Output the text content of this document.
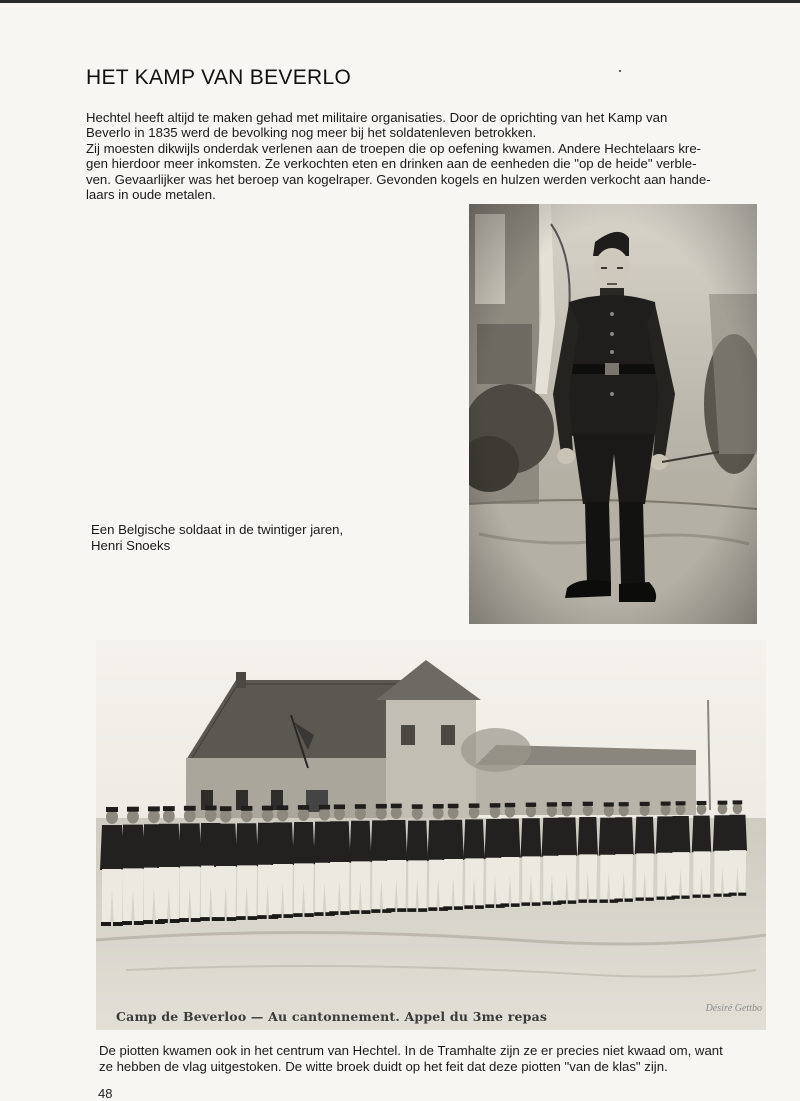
HET KAMP VAN BEVERLO

Hechtel heeft altijd te maken gehad met militaire organisaties. Door de oprichting van het Kamp van

Beverlo in 1835 werd de bevolking nog meer bij het soldatenleven betrokken.

Zij moesten dikwijls onderdak verlenen aan de troepen die op oefening kwamen. Andere Hechtelaars kre-

gen hierdoor meer inkomsten. Ze verkochten eten en drinken aan de eenheden die "op de heide" verble-

ven. Gevaarlijker was het beroep van kogelraper. Gevonden kogels en hulzen werden verkocht aan hande-

laars in oude metalen.

Een Belgische soldaat in de twintiger jaren,
Henri Snoeks
Camp de Beverloo — Au cantonnement. Appel du 3me repas
Désiré Gettbo
De piotten kwamen ook in het centrum van Hechtel. In de Tramhalte zijn ze er precies niet kwaad om, want
ze hebben de vlag uitgestoken. De witte broek duidt op het feit dat deze piotten "van de klas" zijn.
48
